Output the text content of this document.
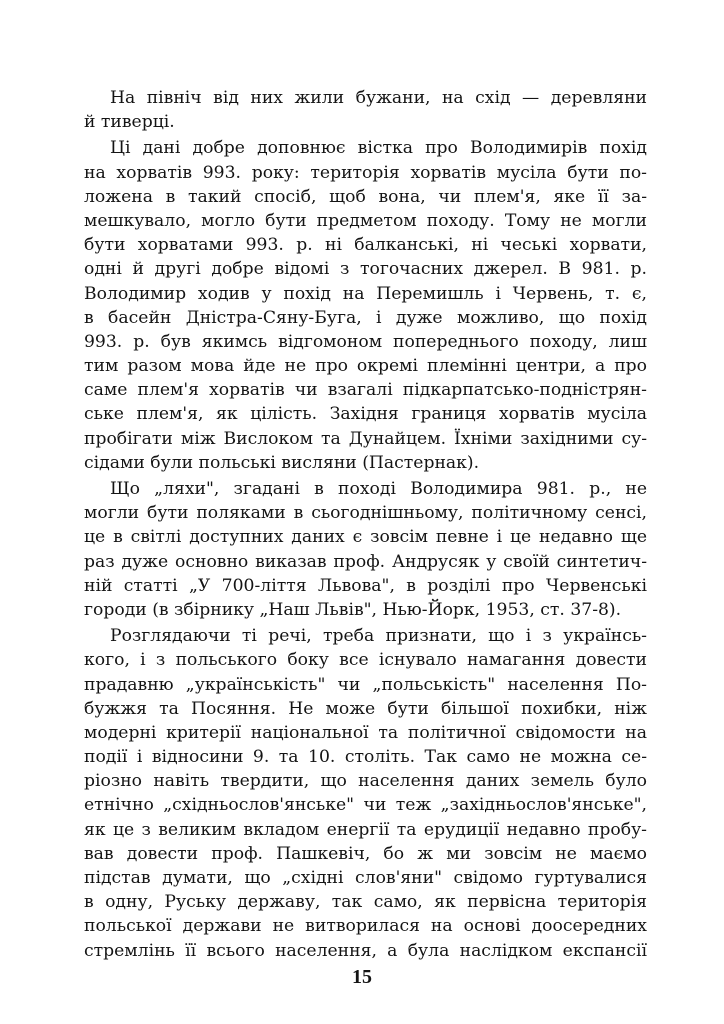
На північ від них жили бужани, на схід — деревляни
й тиверці.
Ці дані добре доповнює вістка про Володимирів похід
на хорватів 993. року: територія хорватів мусіла бути по-
ложена в такий спосіб, щоб вона, чи плем'я, яке її за-
мешкувало, могло бути предметом походу. Тому не могли
бути хорватами 993. р. ні балканські, ні чеські хорвати,
одні й другі добре відомі з тогочасних джерел. В 981. р.
Володимир ходив у похід на Перемишль і Червень, т. є,
в басейн Дністра-Сяну-Буга, і дуже можливо, що похід
993. р. був якимсь відгомоном попереднього походу, лиш
тим разом мова йде не про окремі племінні центри, а про
саме плем'я хорватів чи взагалі підкарпатсько-подністрян-
ське плем'я, як цілість. Західня границя хорватів мусіла
пробігати між Вислоком та Дунайцем. Їхніми західними су-
сідами були польські висляни (Пастернак).
Що „ляхи", згадані в поході Володимира 981. р., не
могли бути поляками в сьогоднішньому, політичному сенсі,
це в світлі доступних даних є зовсім певне і це недавно ще
раз дуже основно виказав проф. Андрусяк у своїй синтетич-
ній статті „У 700-ліття Львова", в розділі про Червенські
городи (в збірнику „Наш Львів", Нью-Йорк, 1953, ст. 37-8).
Розглядаючи ті речі, треба признати, що і з українсь-
кого, і з польського боку все існувало намагання довести
прадавню „українськість" чи „польськість" населення По-
бужжя та Посяння. Не може бути більшої похибки, ніж
модерні критерії національної та політичної свідомости на
події і відносини 9. та 10. століть. Так само не можна се-
ріозно навіть твердити, що населення даних земель було
етнічно „східньослов'янське" чи теж „західньослов'янське",
як це з великим вкладом енергії та ерудиції недавно пробу-
вав довести проф. Пашкевіч, бо ж ми зовсім не маємо
підстав думати, що „східні слов'яни" свідомо гуртувалися
в одну, Руську державу, так само, як первісна територія
польської держави не витворилася на основі доосередних
стремлінь її всього населення, а була наслідком експансії
15
